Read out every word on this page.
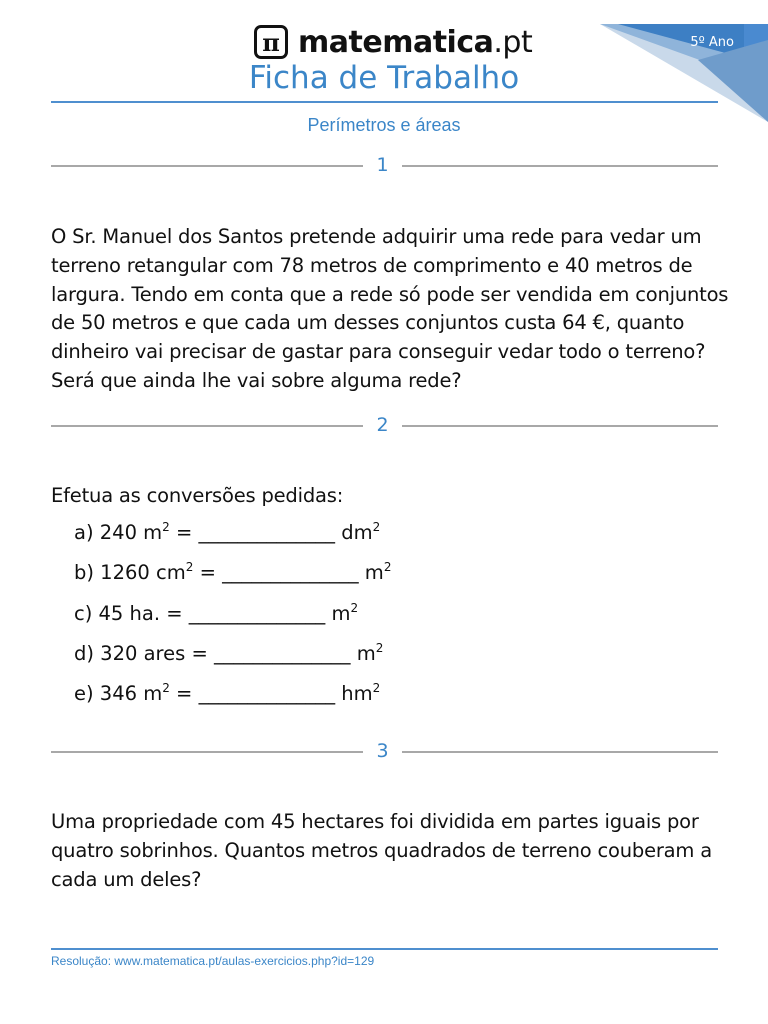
5º Ano
π matematica.pt
Ficha de Trabalho
Perímetros e áreas
1
O Sr. Manuel dos Santos pretende adquirir uma rede para vedar um terreno retangular com 78 metros de comprimento e 40 metros de largura. Tendo em conta que a rede só pode ser vendida em conjuntos de 50 metros e que cada um desses conjuntos custa 64 €, quanto dinheiro vai precisar de gastar para conseguir vedar todo o terreno? Será que ainda lhe vai sobre alguma rede?
2
Efetua as conversões pedidas:
a) 240 $m^2$ = ______________ $dm^2$
b) 1260 $cm^2$ = ______________ $m^2$
c) 45 ha. = ______________ $m^2$
d) 320 ares = ______________ $m^2$
e) 346 $m^2$ = ______________ $hm^2$
3
Uma propriedade com 45 hectares foi dividida em partes iguais por quatro sobrinhos. Quantos metros quadrados de terreno couberam a cada um deles?
Resolução: www.matematica.pt/aulas-exercicios.php?id=129
